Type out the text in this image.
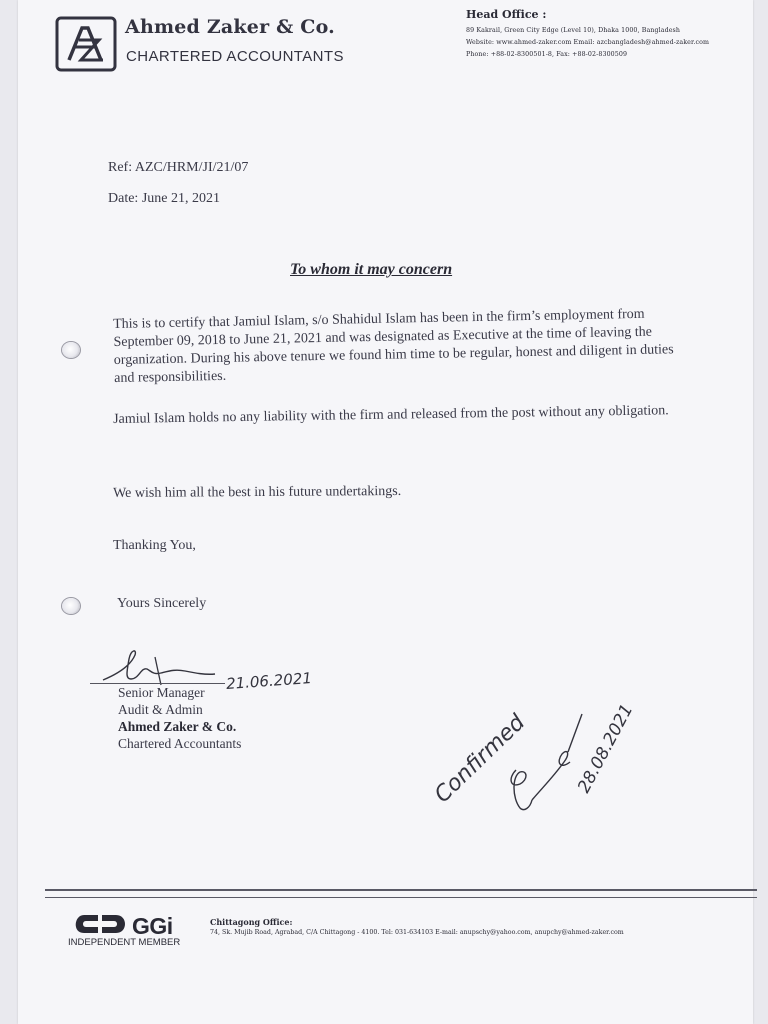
Ahmed Zaker & Co.
CHARTERED ACCOUNTANTS
Head Office :
89 Kakrail, Green City Edge (Level 10), Dhaka 1000, Bangladesh
Website: www.ahmed-zaker.com Email: azcbangladesh@ahmed-zaker.com
Phone: +88-02-8300501-8, Fax: +88-02-8300509
Ref: AZC/HRM/JI/21/07
Date: June 21, 2021
To whom it may concern
This is to certify that Jamiul Islam, s/o Shahidul Islam has been in the firm’s employment from September 09, 2018 to June 21, 2021 and was designated as Executive at the time of leaving the organization. During his above tenure we found him time to be regular, honest and diligent in duties and responsibilities.
Jamiul Islam holds no any liability with the firm and released from the post without any obligation.
We wish him all the best in his future undertakings.
Thanking You,
Yours Sincerely
21.06.2021
Senior Manager
Audit & Admin
Ahmed Zaker & Co.
Chartered Accountants	Confirmed	28.08.2021
GGi
INDEPENDENT MEMBER
Chittagong Office:
74, Sk. Mujib Road, Agrabad, C/A Chittagong - 4100. Tel: 031-634103 E-mail: anupschy@yahoo.com, anupchy@ahmed-zaker.com
